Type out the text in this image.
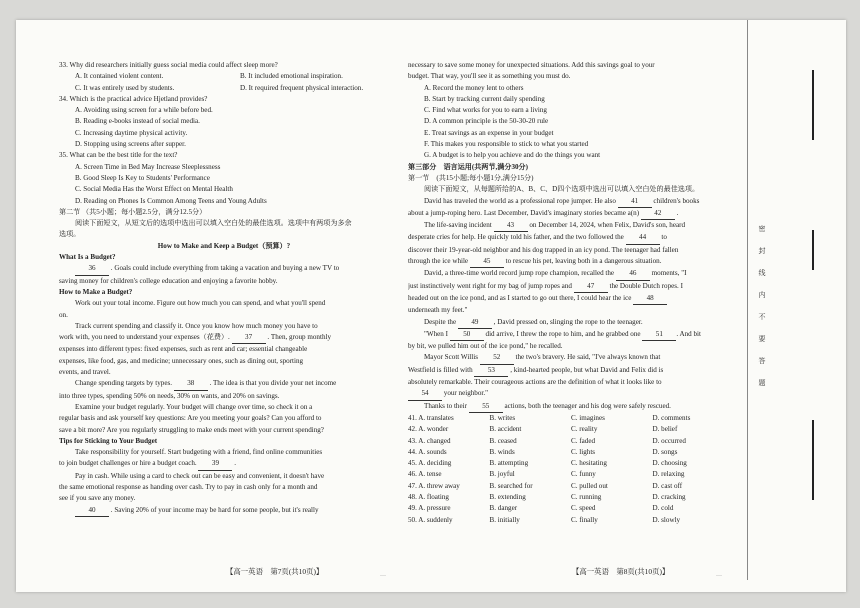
33. Why did researchers initially guess social media could affect sleep more?
A. It contained violent content.	B. It included emotional inspiration.
C. It was entirely used by students.	D. It required frequent physical interaction.
34. Which is the practical advice Hjetland provides?
A. Avoiding using screen for a while before bed.
B. Reading e-books instead of social media.
C. Increasing daytime physical activity.
D. Stopping using screens after supper.
35. What can be the best title for the text?
A. Screen Time in Bed May Increase Sleeplessness
B. Good Sleep Is Key to Students' Performance
C. Social Media Has the Worst Effect on Mental Health
D. Reading on Phones Is Common Among Teens and Young Adults
第二节 （共5小题；每小题2.5分，满分12.5分）
阅读下面短文，从短文后的选项中选出可以填入空白处的最佳选项。选项中有两项为多余
选项。
How to Make and Keep a Budget（预算）?
What Is a Budget?
36 . Goals could include everything from taking a vacation and buying a new TV to
saving money for children's college education and enjoying a favorite hobby.
How to Make a Budget?
Work out your total income. Figure out how much you can spend, and what you'll spend
on.
Track current spending and classify it. Once you know how much money you have to
work with, you need to understand your expenses（花费）. 37 . Then, group monthly
expenses into different types: fixed expenses, such as rent and car; essential changeable
expenses, like food, gas, and medicine; unnecessary ones, such as dining out, sporting
events, and travel.
Change spending targets by types. 38 . The idea is that you divide your net income
into three types, spending 50% on needs, 30% on wants, and 20% on savings.
Examine your budget regularly. Your budget will change over time, so check it on a
regular basis and ask yourself key questions: Are you meeting your goals? Can you afford to
save a bit more? Are you regularly struggling to make ends meet with your current spending?
Tips for Sticking to Your Budget
Take responsibility for yourself. Start budgeting with a friend, find online communities
to join budget challenges or hire a budget coach. 39 .
Pay in cash. While using a card to check out can be easy and convenient, it doesn't have
the same emotional response as handing over cash. Try to pay in cash only for a month and
see if you save any money.
40 . Saving 20% of your income may be hard for some people, but it's really
necessary to save some money for unexpected situations. Add this savings goal to your
budget. That way, you'll see it as something you must do.
A. Record the money lent to others
B. Start by tracking current daily spending
C. Find what works for you to earn a living
D. A common principle is the 50-30-20 rule
E. Treat savings as an expense in your budget
F. This makes you responsible to stick to what you started
G. A budget is to help you achieve and do the things you want
第三部分　语言运用(共两节,满分30分)
第一节　(共15小题;每小题1分,满分15分)
阅读下面短文，从每题所给的A、B、C、D四个选项中选出可以填入空白处的最佳选项。
David has traveled the world as a professional rope jumper. He also 41 children's books
about a jump-roping hero. Last December, David's imaginary stories became a(n) 42 .
The life-saving incident 43 on December 14, 2024, when Felix, David's son, heard
desperate cries for help. He quickly told his father, and the two followed the 44 to
discover their 19-year-old neighbor and his dog trapped in an icy pond. The teenager had fallen
through the ice while 45 to rescue his pet, leaving both in a dangerous situation.
David, a three-time world record jump rope champion, recalled the 46 moments, "I
just instinctively went right for my bag of jump ropes and 47 the Double Dutch ropes. I
headed out on the ice pond, and as I started to go out there, I could hear the ice 48
underneath my feet."
Despite the 49 , David pressed on, slinging the rope to the teenager.
"When I 50 did arrive, I threw the rope to him, and he grabbed one 51 . And bit
by bit, we pulled him out of the ice pond," he recalled.
Mayor Scott Willis 52 the two's bravery. He said, "I've always known that
Westfield is filled with 53 , kind-hearted people, but what David and Felix did is
absolutely remarkable. Their courageous actions are the definition of what it looks like to
54 your neighbor."
Thanks to their 55 actions, both the teenager and his dog were safely rescued.
41. A. translates	B. writes	C. imagines	D. comments
42. A. wonder	B. accident	C. reality	D. belief
43. A. changed	B. ceased	C. faded	D. occurred
44. A. sounds	B. winds	C. lights	D. songs
45. A. deciding	B. attempting	C. hesitating	D. choosing
46. A. tense	B. joyful	C. funny	D. relaxing
47. A. threw away	B. searched for	C. pulled out	D. cast off
48. A. floating	B. extending	C. running	D. cracking
49. A. pressure	B. danger	C. speed	D. cold
50. A. suddenly	B. initially	C. finally	D. slowly
【高一英语　第7页(共10页)】	【高一英语　第8页(共10页)】
…	…
密
封
线
内
不
要
答
题
